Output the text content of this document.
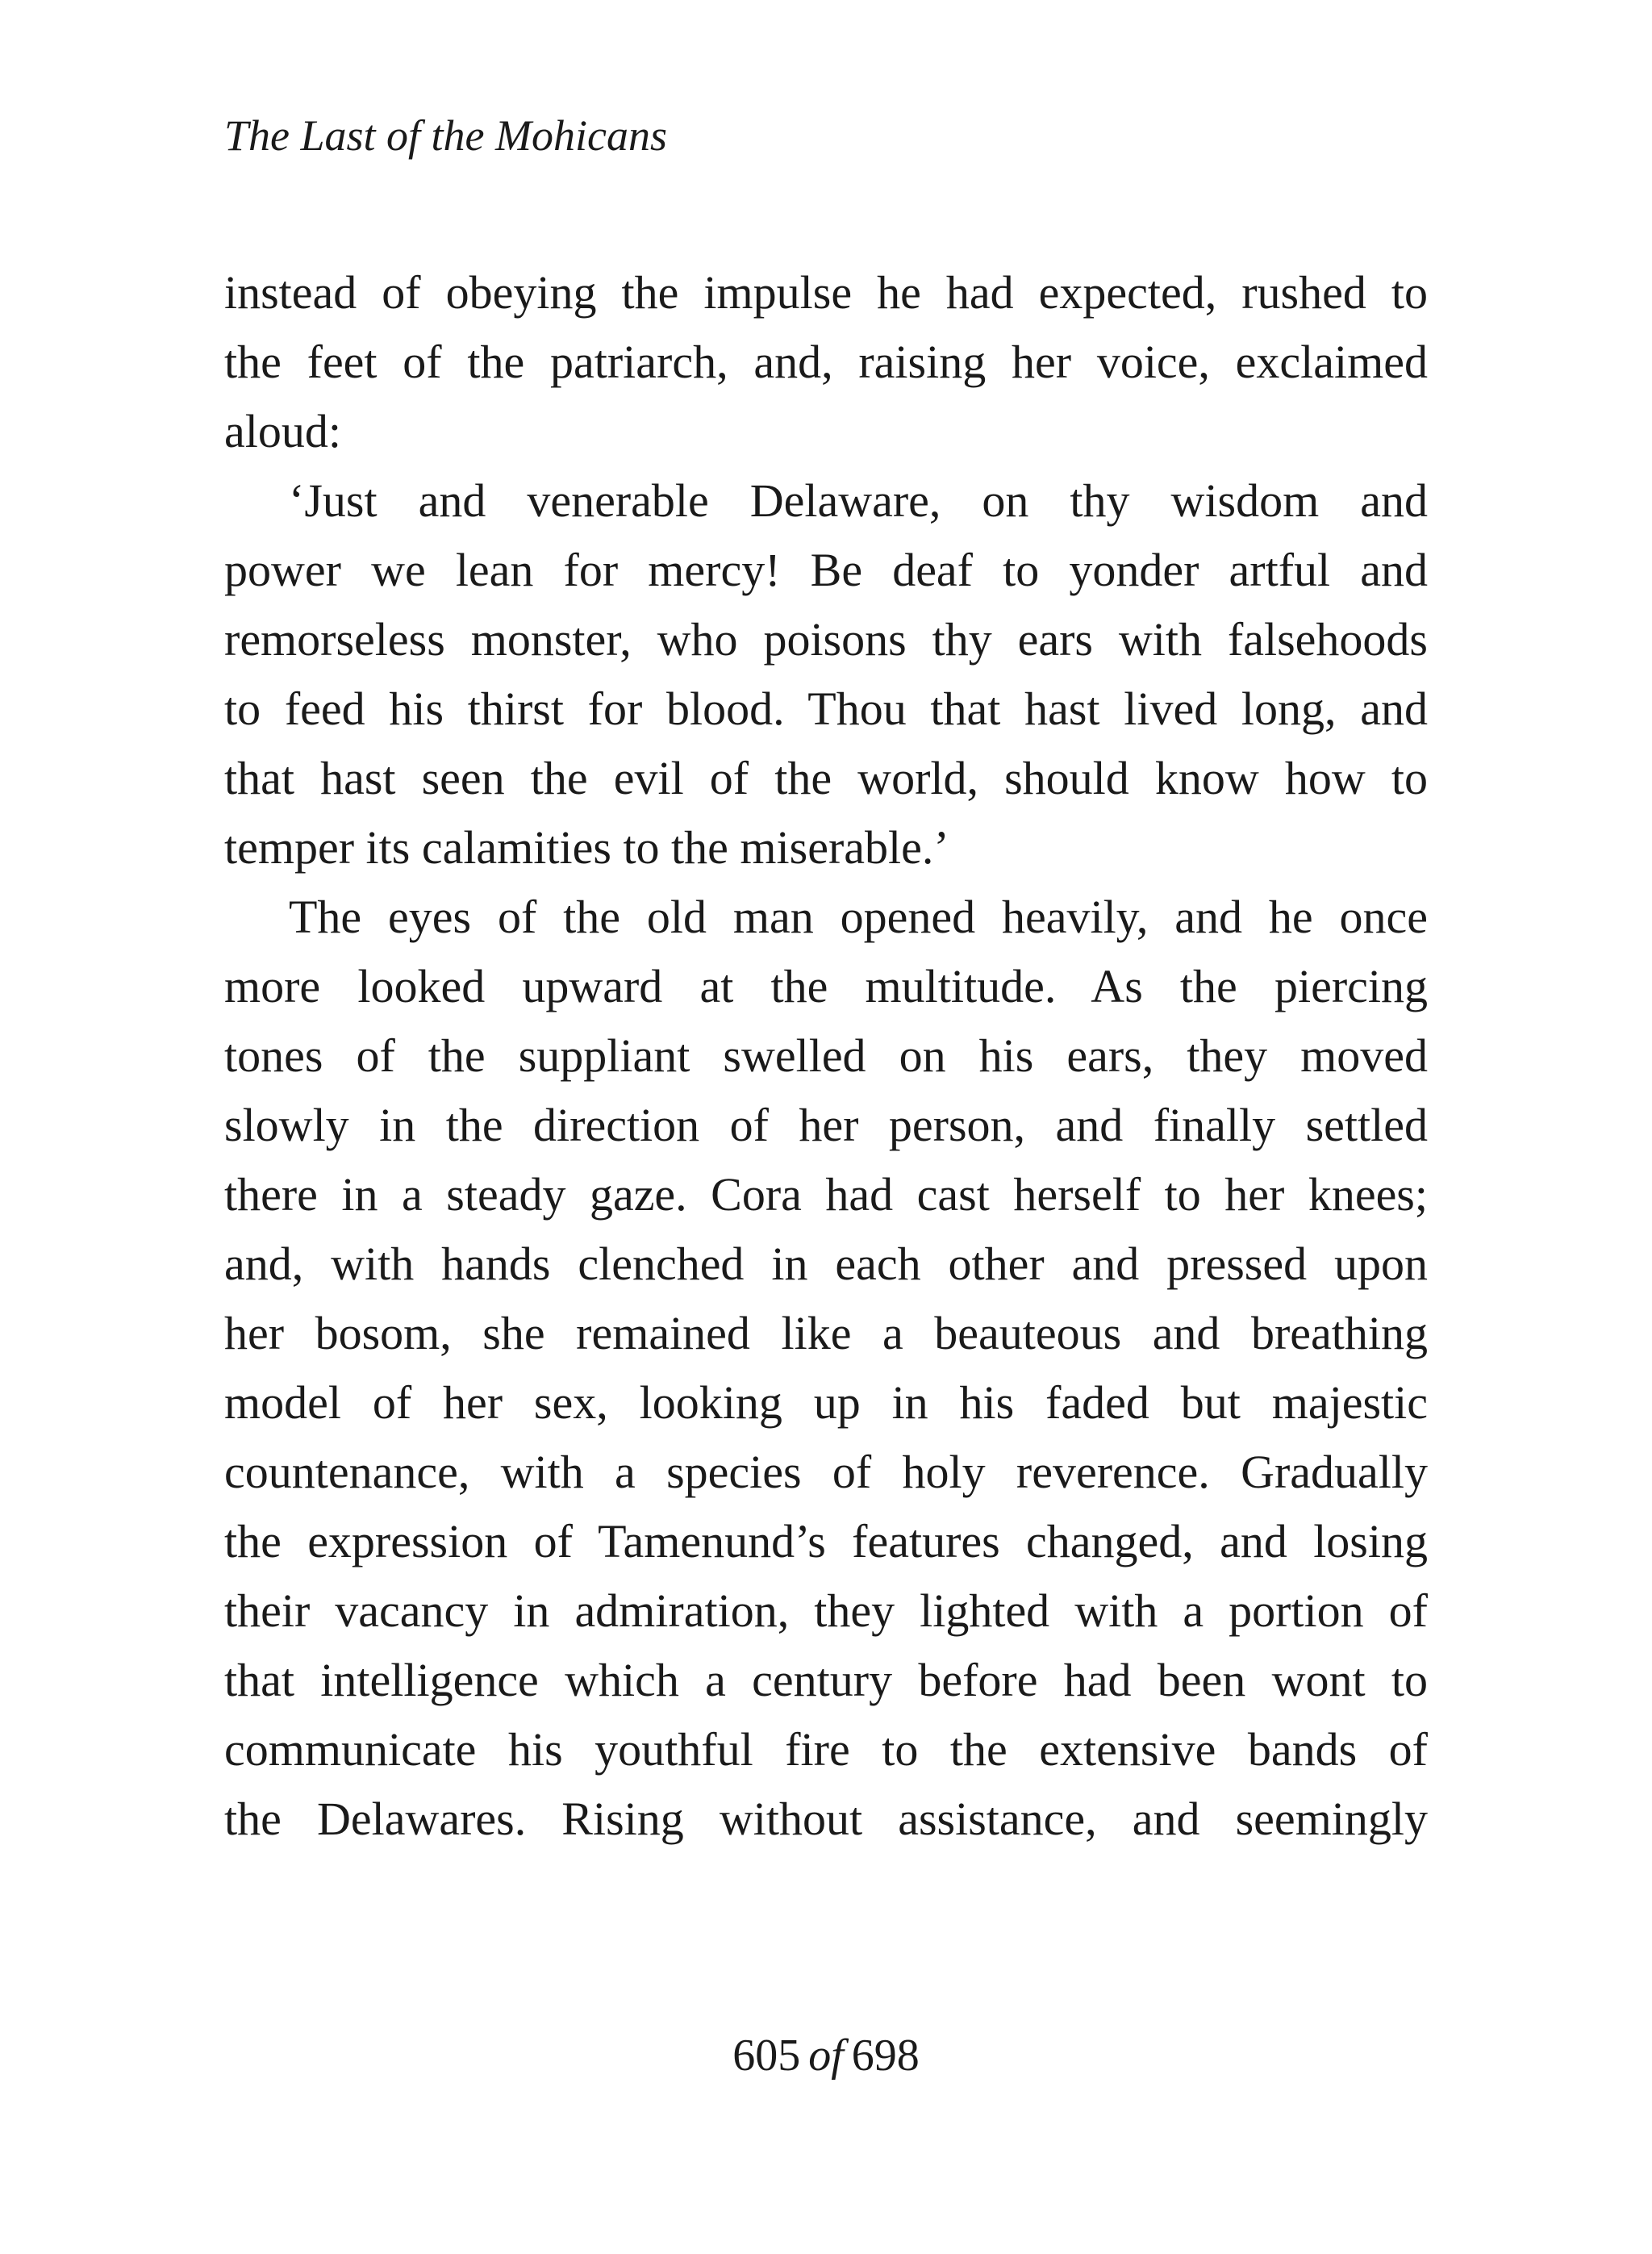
The Last of the Mohicans
instead of obeying the impulse he had expected, rushed to
the feet of the patriarch, and, raising her voice, exclaimed
aloud:
‘Just and venerable Delaware, on thy wisdom and
power we lean for mercy! Be deaf to yonder artful and
remorseless monster, who poisons thy ears with falsehoods
to feed his thirst for blood. Thou that hast lived long, and
that hast seen the evil of the world, should know how to
temper its calamities to the miserable.’
The eyes of the old man opened heavily, and he once
more looked upward at the multitude. As the piercing
tones of the suppliant swelled on his ears, they moved
slowly in the direction of her person, and finally settled
there in a steady gaze. Cora had cast herself to her knees;
and, with hands clenched in each other and pressed upon
her bosom, she remained like a beauteous and breathing
model of her sex, looking up in his faded but majestic
countenance, with a species of holy reverence. Gradually
the expression of Tamenund’s features changed, and losing
their vacancy in admiration, they lighted with a portion of
that intelligence which a century before had been wont to
communicate his youthful fire to the extensive bands of
the Delawares. Rising without assistance, and seemingly
605 of 698
